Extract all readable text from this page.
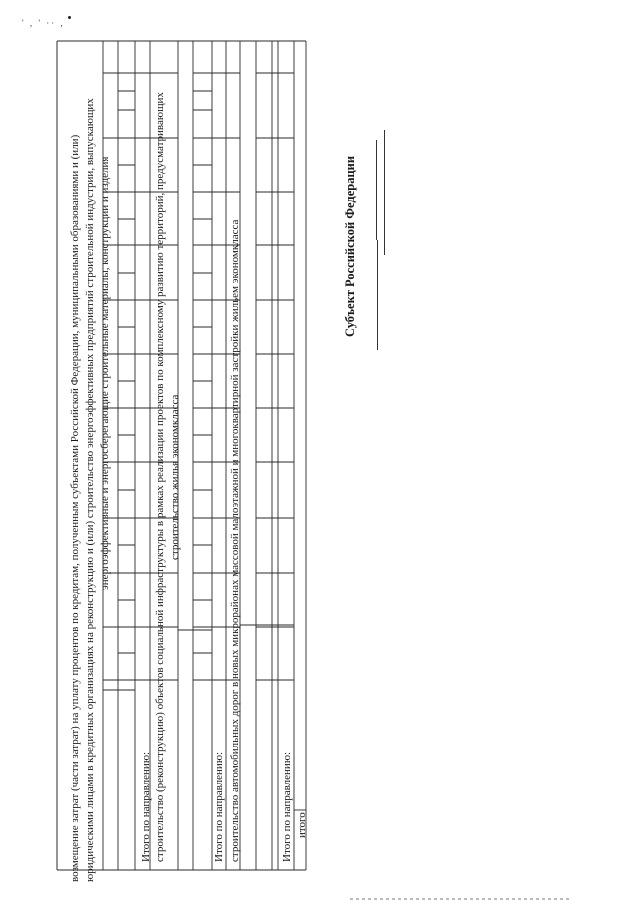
' , ' ·· ,
возмещение затрат (части затрат) на уплату процентов по кредитам, полученным субъектами Российской Федерации, муниципальными образованиями и (или) юридическими лицами в кредитных организациях на реконструкцию и (или) строительство энергоэффективных предприятий строительной индустрии, выпускающих энергоэффективные и энергосберегающие строительные материалы, конструкции и изделия
Итого по направлению: строительство (реконструкцию) объектов социальной инфраструктуры в рамках реализации проектов по комплексному развитию территорий, предусматривающих строительство жилья экономкласса
Итого по направлению: строительство автомобильных дорог в новых микрорайонах массовой малоэтажной и многоквартирной застройки жильем экономкласса	Итого по направлению: итого
Субъект Российской Федерации
